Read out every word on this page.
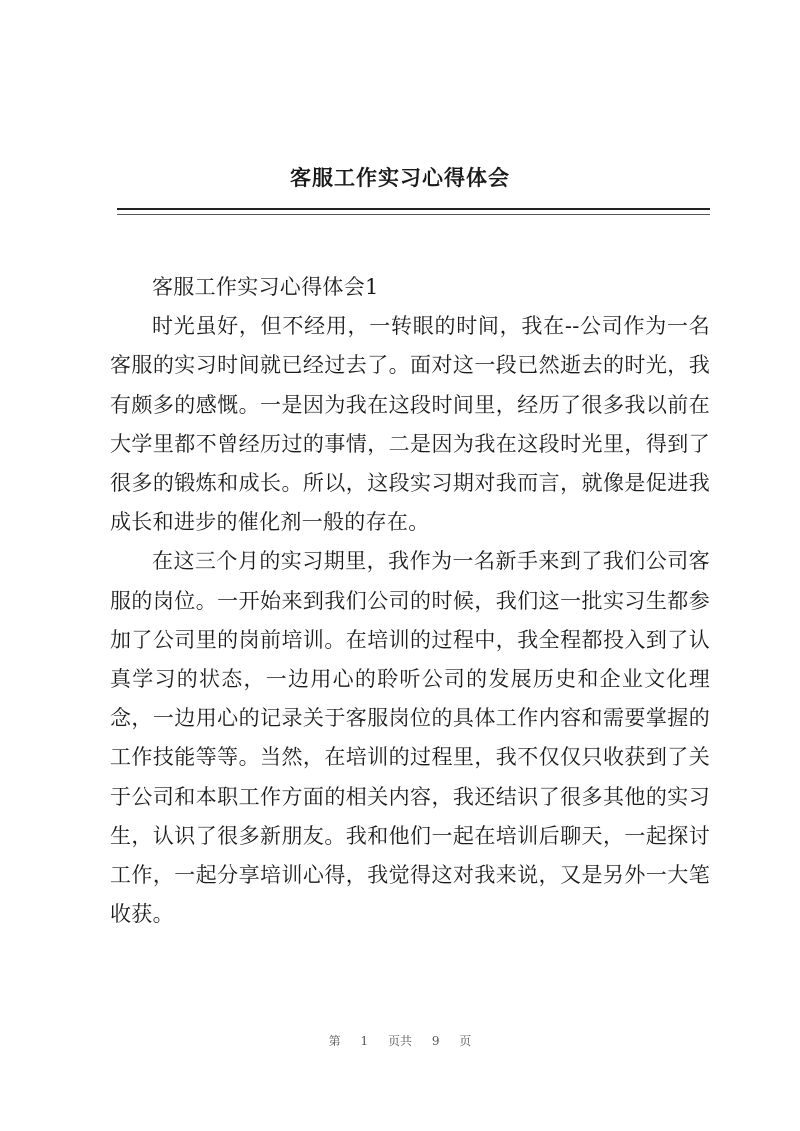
客服工作实习心得体会

客服工作实习心得体会1

时光虽好，但不经用，一转眼的时间，我在--公司作为一名客服的实习时间就已经过去了。面对这一段已然逝去的时光，我有颇多的感慨。一是因为我在这段时间里，经历了很多我以前在大学里都不曾经历过的事情，二是因为我在这段时光里，得到了很多的锻炼和成长。所以，这段实习期对我而言，就像是促进我成长和进步的催化剂一般的存在。

在这三个月的实习期里，我作为一名新手来到了我们公司客服的岗位。一开始来到我们公司的时候，我们这一批实习生都参加了公司里的岗前培训。在培训的过程中，我全程都投入到了认真学习的状态，一边用心的聆听公司的发展历史和企业文化理念，一边用心的记录关于客服岗位的具体工作内容和需要掌握的工作技能等等。当然，在培训的过程里，我不仅仅只收获到了关于公司和本职工作方面的相关内容，我还结识了很多其他的实习生，认识了很多新朋友。我和他们一起在培训后聊天，一起探讨工作，一起分享培训心得，我觉得这对我来说，又是另外一大笔收获。

第 1 页共 9 页
